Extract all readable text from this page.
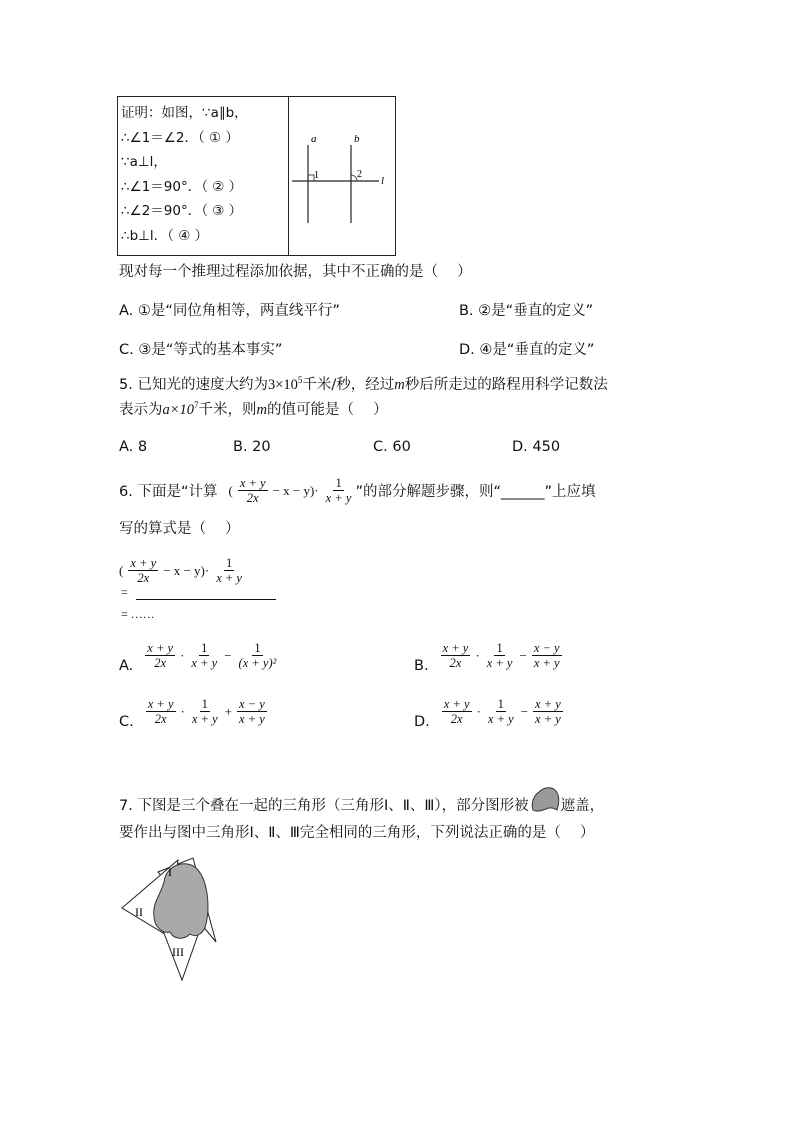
证明：如图，∵a∥b，
∴∠1＝∠2．（ ① ）
∵a⊥l，
∴∠1＝90°．（ ② ）
∴∠2＝90°．（ ③ ）
∴b⊥l．（ ④ ）
a	b
1	2
l
现对每一个推理过程添加依据，其中不正确的是（　 ）
A. ①是“同位角相等，两直线平行”	B. ②是“垂直的定义”
C. ③是“等式的基本事实”	D. ④是“垂直的定义”
5. 已知光的速度大约为$3\times 10^5$千米/秒，经过m秒后所走过的路程用科学记数法
表示为$a\times 10^7$千米，则m的值可能是（　 ）
A. 8	B. 20	C. 60	D. 450
6. 下面是“计算 ( $\frac{x + y}{2x} - x - y)\cdot \frac{1}{x + y}$ ”的部分解题步骤，则“______”上应填
写的算式是（　 ）
( $\frac{x + y}{2x} - x - y)\cdot \frac{1}{x + y}$
=
= ……
A. $\frac{x + y}{2x} \cdot \frac{1}{x + y} - \frac{1}{\text{(x + y)²}}$	B. $\frac{x + y}{2x} \cdot \frac{1}{x + y} - \frac{x - y}{x + y}$
C. $\frac{x + y}{2x} \cdot \frac{1}{x + y} + \frac{x - y}{x + y}$	D. $\frac{x + y}{2x} \cdot \frac{1}{x + y} - \frac{x + y}{x + y}$
7. 下图是三个叠在一起的三角形（三角形Ⅰ、Ⅱ、Ⅲ），部分图形被 遮盖，
要作出与图中三角形Ⅰ、Ⅱ、Ⅲ完全相同的三角形，下列说法正确的是（　 ）
I
II
III
